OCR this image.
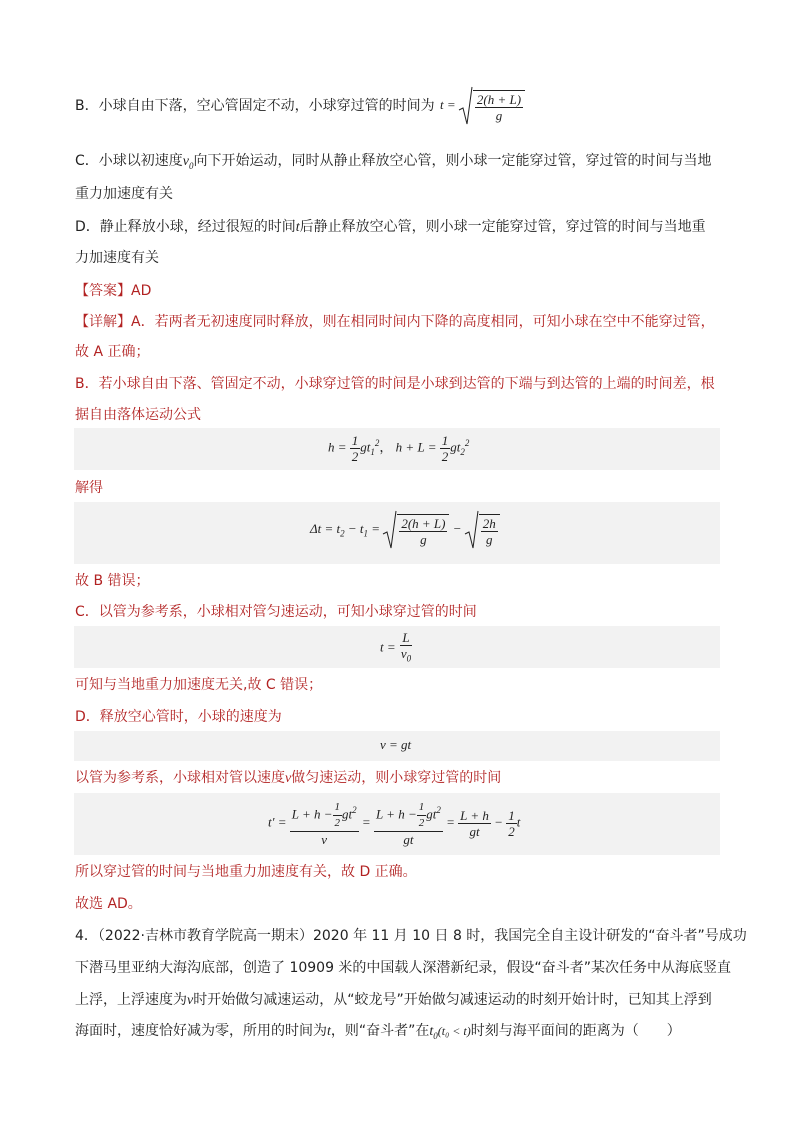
B．小球自由下落，空心管固定不动，小球穿过管的时间为 $t = \frac{2(h + L)}{g}$
C．小球以初速度$v_0$向下开始运动，同时从静止释放空心管，则小球一定能穿过管，穿过管的时间与当地
重力加速度有关
D．静止释放小球，经过很短的时间t后静止释放空心管，则小球一定能穿过管，穿过管的时间与当地重
力加速度有关
【答案】AD
【详解】A．若两者无初速度同时释放，则在相同时间内下降的高度相同，可知小球在空中不能穿过管，
故 A 正确；
B．若小球自由下落、管固定不动，小球穿过管的时间是小球到达管的下端与到达管的上端的时间差，根
据自由落体运动公式
$h = \frac{1}{2} gt_1^2$， $h + L = \frac{1}{2} gt_2^2$
解得
$\Delta t = t_2 - t_1 = \frac{2(h + L)}{g} - \frac{2h}{g}$
故 B 错误；
C．以管为参考系，小球相对管匀速运动，可知小球穿过管的时间
$t = \frac{L}{v_0}$
可知与当地重力加速度无关,故 C 错误；
D．释放空心管时，小球的速度为
v = gt
以管为参考系，小球相对管以速度v做匀速运动，则小球穿过管的时间
$t' = \frac{L + h - \frac{1}{2} gt^2}{v} = \frac{L + h - \frac{1}{2} gt^2}{gt} = \frac{L + h}{gt} - \frac{1}{2}$ t
所以穿过管的时间与当地重力加速度有关，故 D 正确。
故选 AD。
4．（2022·吉林市教育学院高一期末）2020 年 11 月 10 日 8 时，我国完全自主设计研发的“奋斗者”号成功
下潜马里亚纳大海沟底部，创造了 10909 米的中国载人深潜新纪录，假设“奋斗者”某次任务中从海底竖直
上浮，上浮速度为v时开始做匀减速运动，从“蛟龙号”开始做匀减速运动的时刻开始计时，已知其上浮到
海面时，速度恰好减为零，所用的时间为t，则“奋斗者”在$t_0(t_0 < t)$时刻与海平面间的距离为（　　）
